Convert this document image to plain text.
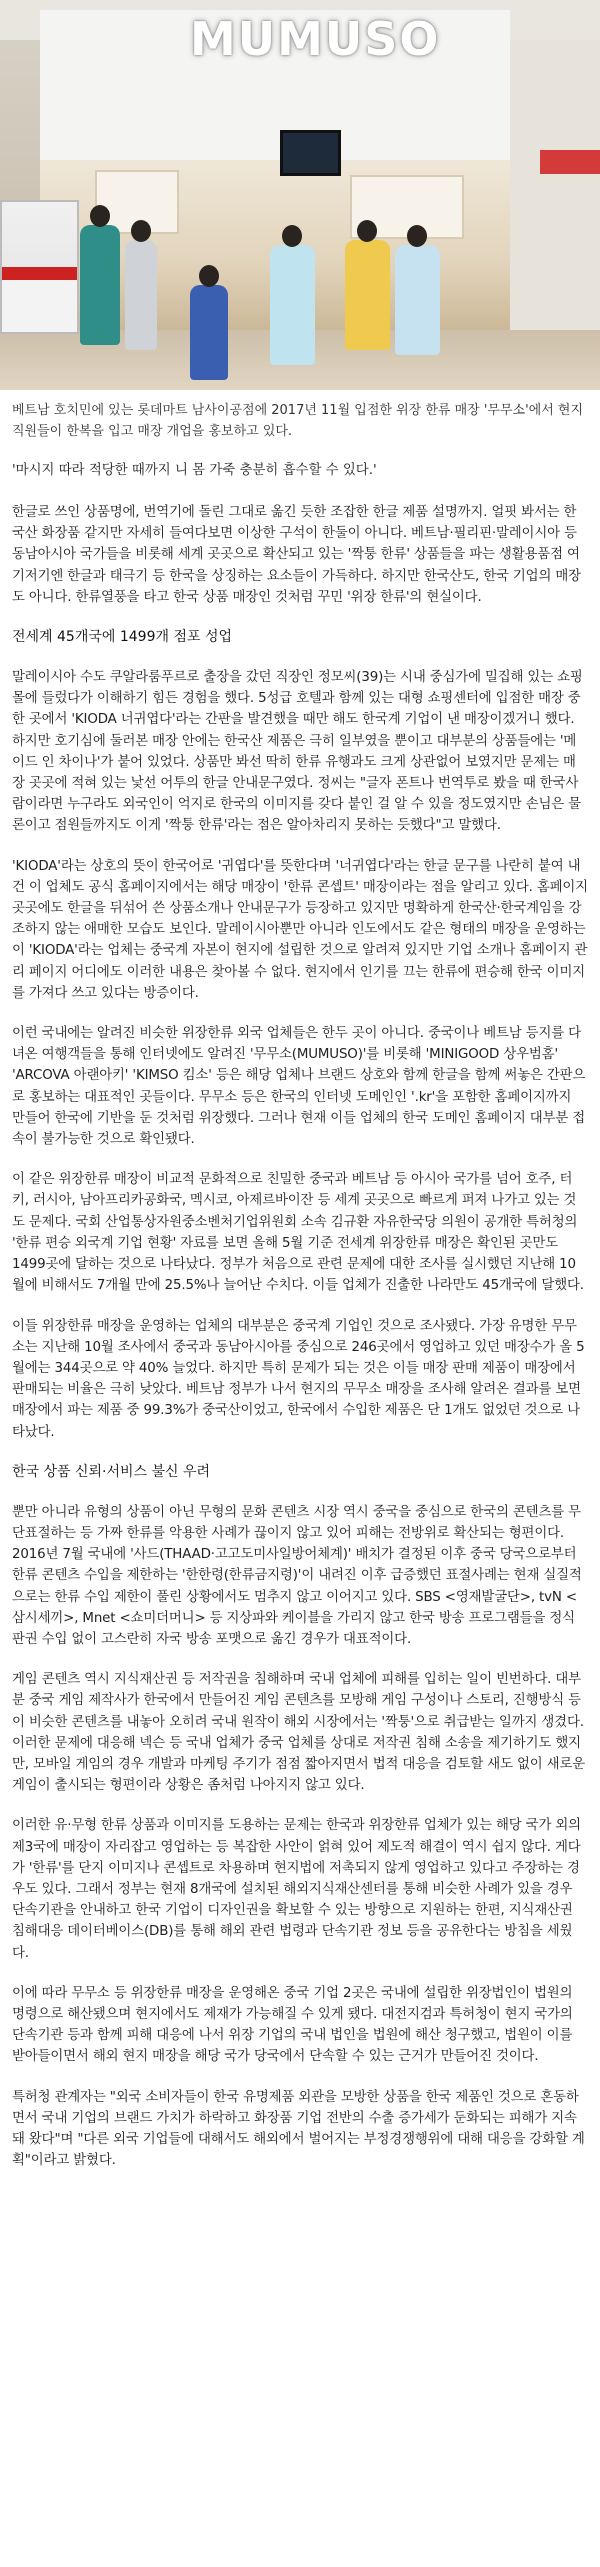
MUMUSO
베트남 호치민에 있는 롯데마트 남사이공점에 2017년 11월 입점한 위장 한류 매장 '무무소'에서 현지 직원들이 한복을 입고 매장 개업을 홍보하고 있다.

'마시지 따라 적당한 때까지 니 몸 가죽 충분히 흡수할 수 있다.'

한글로 쓰인 상품명에, 번역기에 돌린 그대로 옮긴 듯한 조잡한 한글 제품 설명까지. 얼핏 봐서는 한국산 화장품 같지만 자세히 들여다보면 이상한 구석이 한둘이 아니다. 베트남·필리핀·말레이시아 등 동남아시아 국가들을 비롯해 세계 곳곳으로 확산되고 있는 '짝퉁 한류' 상품들을 파는 생활용품점 여기저기엔 한글과 태극기 등 한국을 상징하는 요소들이 가득하다. 하지만 한국산도, 한국 기업의 매장도 아니다. 한류열풍을 타고 한국 상품 매장인 것처럼 꾸민 '위장 한류'의 현실이다.

전세계 45개국에 1499개 점포 성업

말레이시아 수도 쿠알라룸푸르로 출장을 갔던 직장인 정모씨(39)는 시내 중심가에 밀집해 있는 쇼핑몰에 들렀다가 이해하기 힘든 경험을 했다. 5성급 호텔과 함께 있는 대형 쇼핑센터에 입점한 매장 중 한 곳에서 'KIODA 너귀엽다'라는 간판을 발견했을 때만 해도 한국계 기업이 낸 매장이겠거니 했다. 하지만 호기심에 둘러본 매장 안에는 한국산 제품은 극히 일부였을 뿐이고 대부분의 상품들에는 '메이드 인 차이나'가 붙어 있었다. 상품만 봐선 딱히 한류 유행과도 크게 상관없어 보였지만 문제는 매장 곳곳에 적혀 있는 낯선 어투의 한글 안내문구였다. 정씨는 "글자 폰트나 번역투로 봤을 때 한국사람이라면 누구라도 외국인이 억지로 한국의 이미지를 갖다 붙인 걸 알 수 있을 정도였지만 손님은 물론이고 점원들까지도 이게 '짝퉁 한류'라는 점은 알아차리지 못하는 듯했다"고 말했다.

'KIODA'라는 상호의 뜻이 한국어로 '귀엽다'를 뜻한다며 '너귀엽다'라는 한글 문구를 나란히 붙여 내건 이 업체도 공식 홈페이지에서는 해당 매장이 '한류 콘셉트' 매장이라는 점을 알리고 있다. 홈페이지 곳곳에도 한글을 뒤섞어 쓴 상품소개나 안내문구가 등장하고 있지만 명확하게 한국산·한국계임을 강조하지 않는 애매한 모습도 보인다. 말레이시아뿐만 아니라 인도에서도 같은 형태의 매장을 운영하는 이 'KIODA'라는 업체는 중국계 자본이 현지에 설립한 것으로 알려져 있지만 기업 소개나 홈페이지 관리 페이지 어디에도 이러한 내용은 찾아볼 수 없다. 현지에서 인기를 끄는 한류에 편승해 한국 이미지를 가져다 쓰고 있다는 방증이다.

이런 국내에는 알려진 비슷한 위장한류 외국 업체들은 한두 곳이 아니다. 중국이나 베트남 등지를 다녀온 여행객들을 통해 인터넷에도 알려진 '무무소(MUMUSO)'를 비롯해 'MINIGOOD 상우범홈' 'ARCOVA 아랜아키' 'KIMSO 킴소' 등은 해당 업체나 브랜드 상호와 함께 한글을 함께 써놓은 간판으로 홍보하는 대표적인 곳들이다. 무무소 등은 한국의 인터넷 도메인인 '.kr'을 포함한 홈페이지까지 만들어 한국에 기반을 둔 것처럼 위장했다. 그러나 현재 이들 업체의 한국 도메인 홈페이지 대부분 접속이 불가능한 것으로 확인됐다.

이 같은 위장한류 매장이 비교적 문화적으로 친밀한 중국과 베트남 등 아시아 국가를 넘어 호주, 터키, 러시아, 남아프리카공화국, 멕시코, 아제르바이잔 등 세계 곳곳으로 빠르게 퍼져 나가고 있는 것도 문제다. 국회 산업통상자원중소벤처기업위원회 소속 김규환 자유한국당 의원이 공개한 특허청의 '한류 편승 외국계 기업 현황' 자료를 보면 올해 5월 기준 전세계 위장한류 매장은 확인된 곳만도 1499곳에 달하는 것으로 나타났다. 정부가 처음으로 관련 문제에 대한 조사를 실시했던 지난해 10월에 비해서도 7개월 만에 25.5%나 늘어난 수치다. 이들 업체가 진출한 나라만도 45개국에 달했다.

이들 위장한류 매장을 운영하는 업체의 대부분은 중국계 기업인 것으로 조사됐다. 가장 유명한 무무소는 지난해 10월 조사에서 중국과 동남아시아를 중심으로 246곳에서 영업하고 있던 매장수가 올 5월에는 344곳으로 약 40% 늘었다. 하지만 특히 문제가 되는 것은 이들 매장 판매 제품이 매장에서 판매되는 비율은 극히 낮았다. 베트남 정부가 나서 현지의 무무소 매장을 조사해 알려온 결과를 보면 매장에서 파는 제품 중 99.3%가 중국산이었고, 한국에서 수입한 제품은 단 1개도 없었던 것으로 나타났다.

한국 상품 신뢰·서비스 불신 우려

뿐만 아니라 유형의 상품이 아닌 무형의 문화 콘텐츠 시장 역시 중국을 중심으로 한국의 콘텐츠를 무단표절하는 등 가짜 한류를 악용한 사례가 끊이지 않고 있어 피해는 전방위로 확산되는 형편이다. 2016년 7월 국내에 '사드(THAAD·고고도미사일방어체계)' 배치가 결정된 이후 중국 당국으로부터 한류 콘텐츠 수입을 제한하는 '한한령(한류금지령)'이 내려진 이후 급증했던 표절사례는 현재 실질적으로는 한류 수입 제한이 풀린 상황에서도 멈추지 않고 이어지고 있다. SBS <영재발굴단>, tvN <삼시세끼>, Mnet <쇼미더머니> 등 지상파와 케이블을 가리지 않고 한국 방송 프로그램들을 정식 판권 수입 없이 고스란히 자국 방송 포맷으로 옮긴 경우가 대표적이다.

게임 콘텐츠 역시 지식재산권 등 저작권을 침해하며 국내 업체에 피해를 입히는 일이 빈번하다. 대부분 중국 게임 제작사가 한국에서 만들어진 게임 콘텐츠를 모방해 게임 구성이나 스토리, 진행방식 등이 비슷한 콘텐츠를 내놓아 오히려 국내 원작이 해외 시장에서는 '짝퉁'으로 취급받는 일까지 생겼다. 이러한 문제에 대응해 넥슨 등 국내 업체가 중국 업체를 상대로 저작권 침해 소송을 제기하기도 했지만, 모바일 게임의 경우 개발과 마케팅 주기가 점점 짧아지면서 법적 대응을 검토할 새도 없이 새로운 게임이 출시되는 형편이라 상황은 좀처럼 나아지지 않고 있다.

이러한 유·무형 한류 상품과 이미지를 도용하는 문제는 한국과 위장한류 업체가 있는 해당 국가 외의 제3국에 매장이 자리잡고 영업하는 등 복잡한 사안이 얽혀 있어 제도적 해결이 역시 쉽지 않다. 게다가 '한류'를 단지 이미지나 콘셉트로 차용하며 현지법에 저촉되지 않게 영업하고 있다고 주장하는 경우도 있다. 그래서 정부는 현재 8개국에 설치된 해외지식재산센터를 통해 비슷한 사례가 있을 경우 단속기관을 안내하고 한국 기업이 디자인권을 확보할 수 있는 방향으로 지원하는 한편, 지식재산권 침해대응 데이터베이스(DB)를 통해 해외 관련 법령과 단속기관 정보 등을 공유한다는 방침을 세웠다.

이에 따라 무무소 등 위장한류 매장을 운영해온 중국 기업 2곳은 국내에 설립한 위장법인이 법원의 명령으로 해산됐으며 현지에서도 제재가 가능해질 수 있게 됐다. 대전지검과 특허청이 현지 국가의 단속기관 등과 함께 피해 대응에 나서 위장 기업의 국내 법인을 법원에 해산 청구했고, 법원이 이를 받아들이면서 해외 현지 매장을 해당 국가 당국에서 단속할 수 있는 근거가 만들어진 것이다.

특허청 관계자는 "외국 소비자들이 한국 유명제품 외관을 모방한 상품을 한국 제품인 것으로 혼동하면서 국내 기업의 브랜드 가치가 하락하고 화장품 기업 전반의 수출 증가세가 둔화되는 피해가 지속돼 왔다"며 "다른 외국 기업들에 대해서도 해외에서 벌어지는 부정경쟁행위에 대해 대응을 강화할 계획"이라고 밝혔다.
